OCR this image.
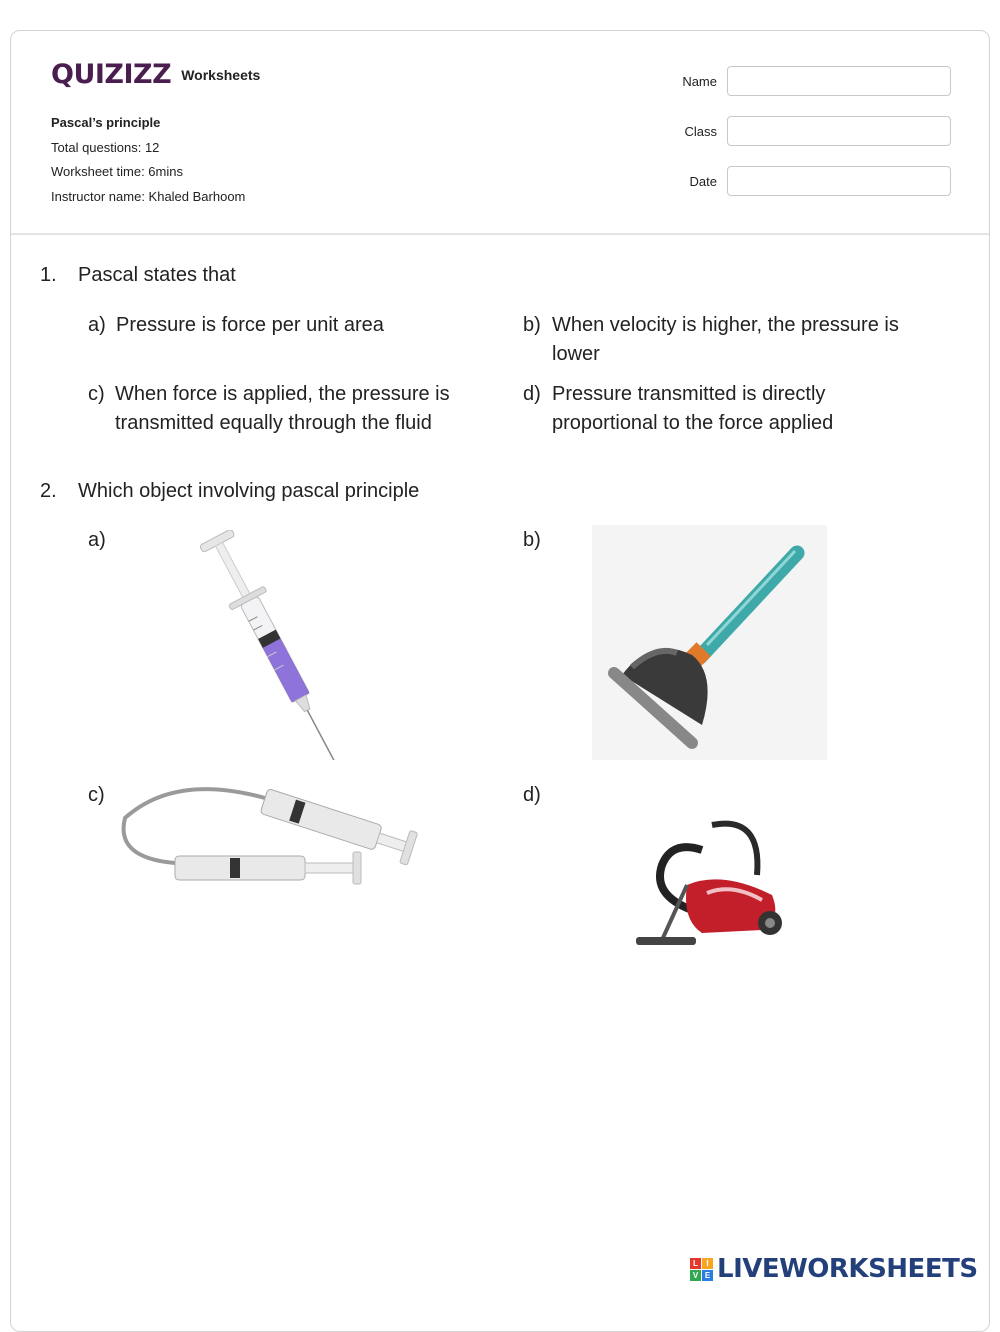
QUIZIZZ Worksheets
Pascal’s principle
Total questions: 12
Worksheet time: 6mins
Instructor name: Khaled Barhoom
Name
Class
Date
1. Pascal states that
a) Pressure is force per unit area	b) When velocity is higher, the pressure is lower
c) When force is applied, the pressure is transmitted equally through the fluid
d) Pressure transmitted is directly proportional to the force applied
2. Which object involving pascal principle
a)	b)
c)	d)
L	I
V E LIVEWORKSHEETS
